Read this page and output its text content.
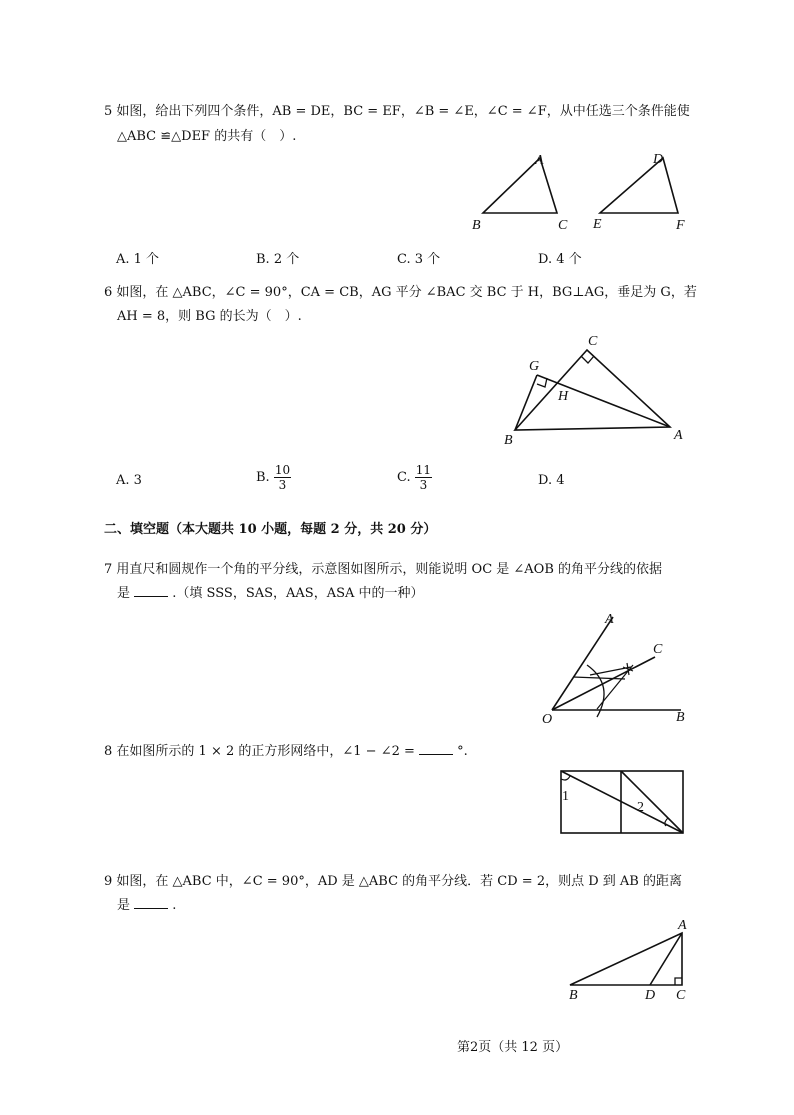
5 如图，给出下列四个条件，AB = DE，BC = EF，∠B = ∠E，∠C = ∠F，从中任选三个条件能使
△ABC ≌△DEF 的共有（　）.
A
B	C
D
E	F
A. 1 个	B. 2 个	C. 3 个	D. 4 个
6 如图，在 △ABC，∠C = 90°，CA = CB，AG 平分 ∠BAC 交 BC 于 H，BG⊥AG，垂足为 G，若
AH = 8，则 BG 的长为（　）.
C
G
H
B	A
A. 3	B. $\frac{10}{3}$	C. $\frac{11}{3}$	D. 4
二、填空题（本大题共 10 小题，每题 2 分，共 20 分）
7 用直尺和圆规作一个角的平分线，示意图如图所示，则能说明 OC 是 ∠AOB 的角平分线的依据
是	.（填 SSS，SAS，AAS，ASA 中的一种）
A
C
O	B
8 在如图所示的 1 × 2 的正方形网络中，∠1 − ∠2 =	°.
1
2
9 如图，在 △ABC 中，∠C = 90°，AD 是 △ABC 的角平分线．若 CD = 2，则点 D 到 AB 的距离
是	.
A
B	D C
第2页（共 12 页）
